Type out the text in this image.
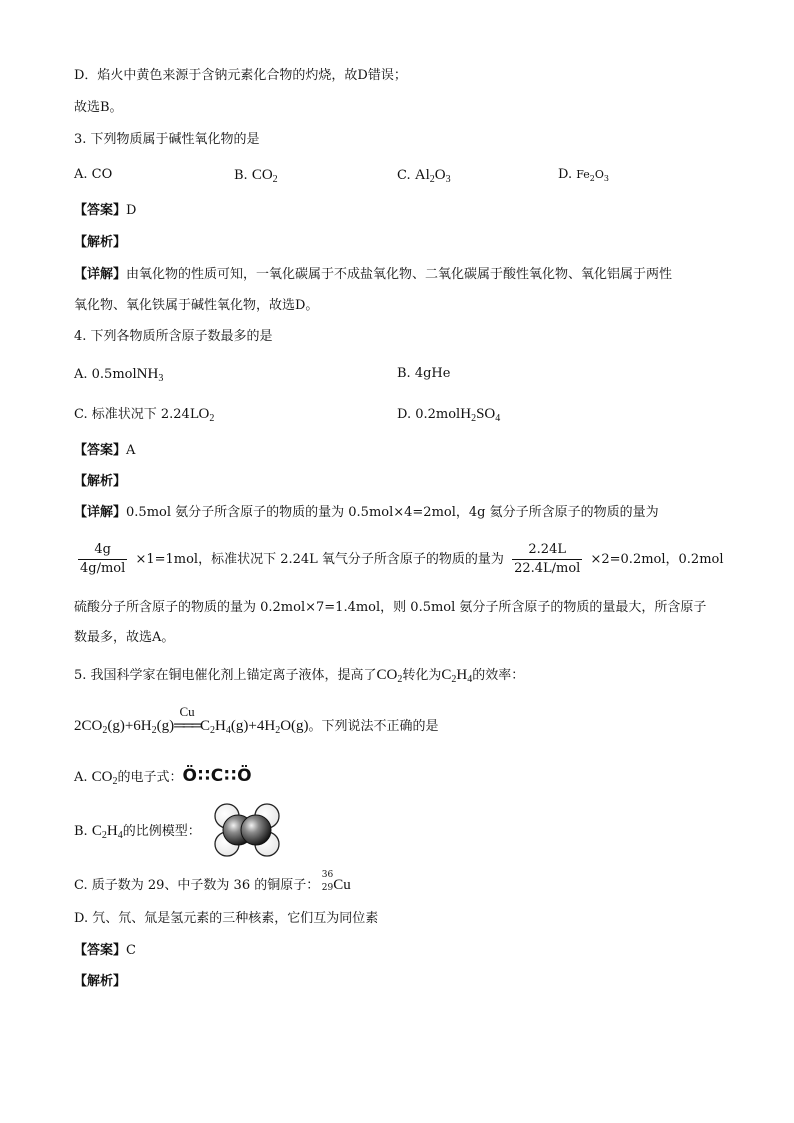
D．焰火中黄色来源于含钠元素化合物的灼烧，故D错误；
故选B。
3. 下列物质属于碱性氧化物的是
A. CO	B. $CO_2$	C. $Al_2O_3$	D. $Fe_2O_3$
【答案】D
【解析】
【详解】由氧化物的性质可知，一氧化碳属于不成盐氧化物、二氧化碳属于酸性氧化物、氧化铝属于两性
氧化物、氧化铁属于碱性氧化物，故选D。
4. 下列各物质所含原子数最多的是
A. 0.5molNH$_3$	B. 4gHe
C. 标准状况下 $2.24LO_2$	D. $0.2molH_2SO_4$
【答案】A
【解析】
【详解】0.5mol 氨分子所含原子的物质的量为 0.5mol×4=2mol，4g 氦分子所含原子的物质的量为
$\frac{4g}{\text{4g/mol}} \times 1=1mol$，标准状况下 2.24L 氧气分子所含原子的物质的量为 $\frac{2.24L}{\text{22.4L/mol}} \times 2=0.2mol$，0.2mol
硫酸分子所含原子的物质的量为 0.2mol×7=1.4mol，则 0.5mol 氨分子所含原子的物质的量最大，所含原子
数最多，故选A。
5. 我国科学家在铜电催化剂上锚定离子液体，提高了$CO_2$转化为$C_2H_4$的效率：
$2CO_2(g)+6H_2(g)$
Cu
$═══C_2H_4(g)+4H_2O(g)$。下列说法不正确的是
A. $CO_2$的电子式：Ö∷C∷Ö
B. $C_2H_4$的比例模型：
C. 质子数为 29、中子数为 36 的铜原子：
36
29 Cu
D. 氕、氘、氚是氢元素的三种核素，它们互为同位素
【答案】C
【解析】
